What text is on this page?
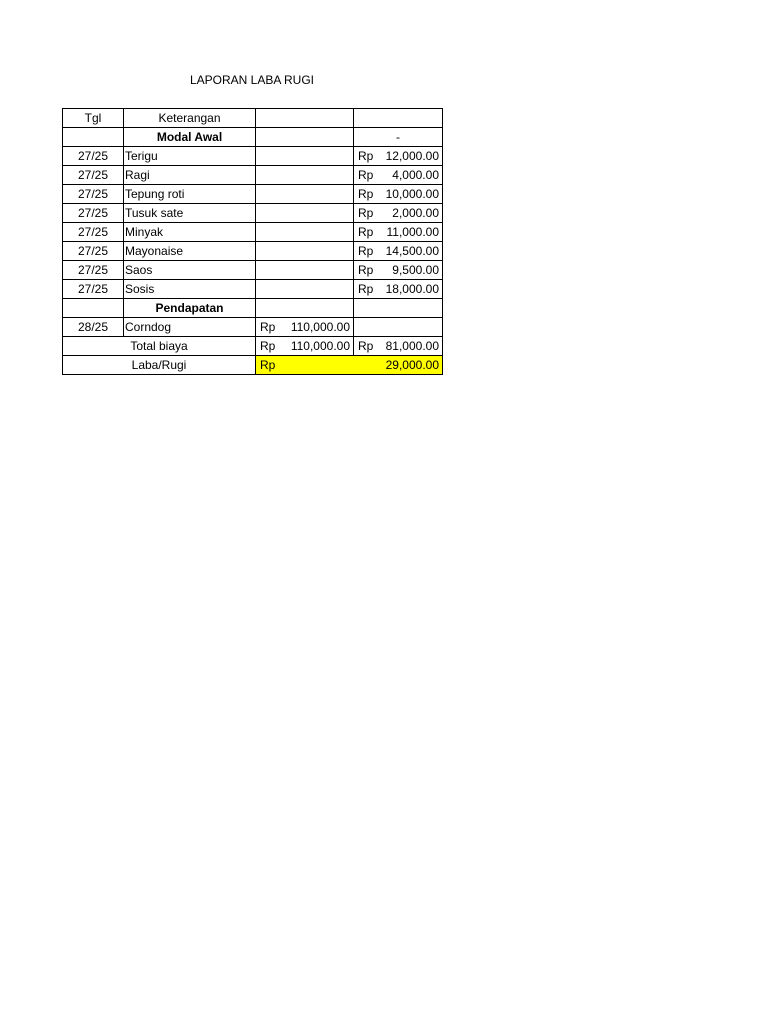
LAPORAN LABA RUGI
Tgl	Keterangan		
	Modal Awal		-
27/25	Terigu		Rp 12,000.00

27/25	Ragi		Rp 4,000.00

27/25	Tepung roti		Rp 10,000.00

27/25	Tusuk sate		Rp 2,000.00

27/25	Minyak		Rp 11,000.00

27/25	Mayonaise		Rp 14,500.00

27/25	Saos		Rp 9,500.00

27/25	Sosis		Rp 18,000.00

	Pendapatan		
28/25	Corndog	Rp 110,000.00	

Total biaya		Rp 110,000.00	Rp 81,000.00

Laba/Rugi		Rp 29,000.00	
